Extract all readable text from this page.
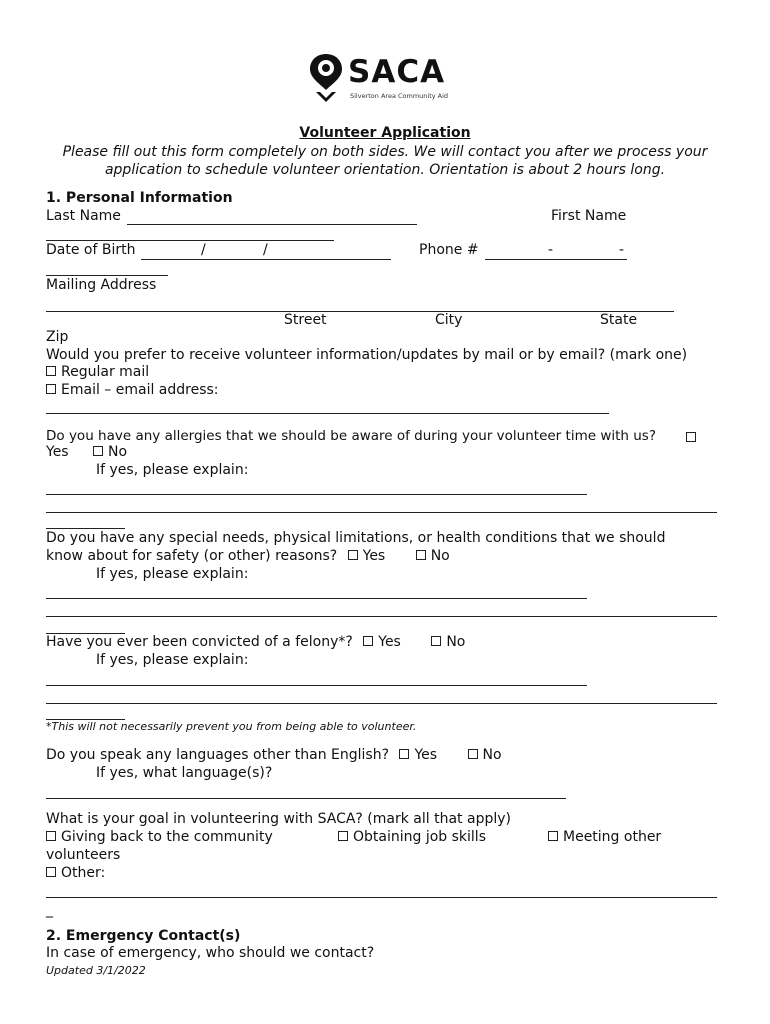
SACA
Silverton Area Community Aid
Volunteer Application
Please fill out this form completely on both sides. We will contact you after we process your
application to schedule volunteer orientation. Orientation is about 2 hours long.
1. Personal Information
Last Name	First Name
Date of Birth	/	/	Phone #	-	-
Mailing Address
Street	City	State
Zip
Would you prefer to receive volunteer information/updates by mail or by email? (mark one)
Regular mail
Email – email address:
Do you have any allergies that we should be aware of during your volunteer time with us?
Yes	No
If yes, please explain:
Do you have any special needs, physical limitations, or health conditions that we should
know about for safety (or other) reasons? Yes	No
If yes, please explain:
Have you ever been convicted of a felony*? Yes	No
If yes, please explain:
*This will not necessarily prevent you from being able to volunteer.
Do you speak any languages other than English? Yes	No
If yes, what language(s)?
What is your goal in volunteering with SACA? (mark all that apply)
Giving back to the community	Obtaining job skills	Meeting other
volunteers
Other:
_
2. Emergency Contact(s)
In case of emergency, who should we contact?
Updated 3/1/2022
